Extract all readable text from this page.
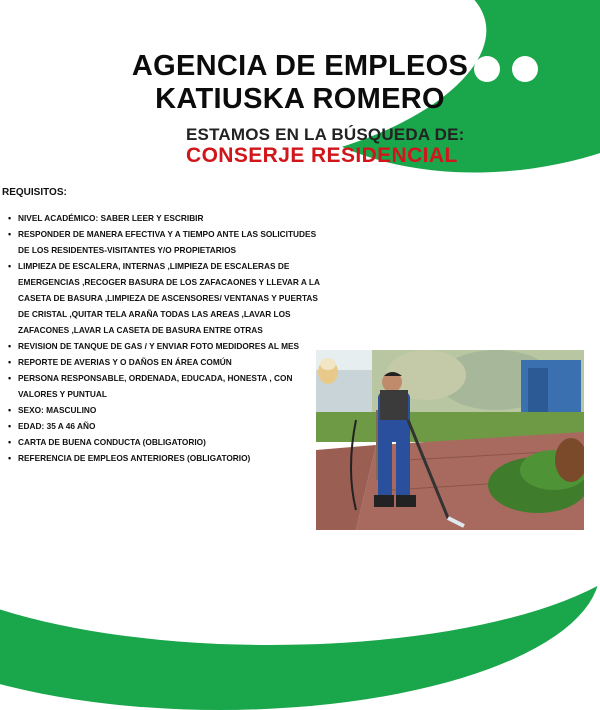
AGENCIA DE EMPLEOS
KATIUSKA ROMERO
ESTAMOS EN LA BÚSQUEDA DE:
CONSERJE RESIDENCIAL
REQUISITOS:
• NIVEL ACADÉMICO: SABER LEER Y ESCRIBIR
• RESPONDER DE MANERA EFECTIVA Y A TIEMPO ANTE LAS SOLICITUDES DE LOS RESIDENTES-VISITANTES Y/O PROPIETARIOS
• LIMPIEZA DE ESCALERA, INTERNAS ,LIMPIEZA DE ESCALERAS DE EMERGENCIAS ,RECOGER BASURA DE LOS ZAFACAONES Y LLEVAR A LA CASETA DE BASURA ,LIMPIEZA DE ASCENSORES/ VENTANAS Y PUERTAS DE CRISTAL ,QUITAR TELA ARAÑA TODAS LAS AREAS ,LAVAR LOS ZAFACONES ,LAVAR LA CASETA DE BASURA ENTRE OTRAS
• REVISION DE TANQUE DE GAS / Y ENVIAR FOTO MEDIDORES AL MES
• REPORTE DE AVERIAS Y O DAÑOS EN ÁREA COMÚN
• PERSONA RESPONSABLE, ORDENADA, EDUCADA, HONESTA , CON VALORES Y PUNTUAL
• SEXO: MASCULINO
• EDAD: 35 A 46 AÑO
• CARTA DE BUENA CONDUCTA (OBLIGATORIO)
• REFERENCIA DE EMPLEOS ANTERIORES (OBLIGATORIO)
BENEFICIOS
• SALARIO: RD$ 18,000 PESOS MENSUALES
• BENEFICIO DE LEY
• HORARIO: LUNES A VIERNES DE 8:00A 5:00PM ( 1 HORA DE ALMUERZO)
• SABADO : 8:00AM A 12:00M
• UBICACIÓN: CALLE/ PROLOGANCION , SANTIAGO
